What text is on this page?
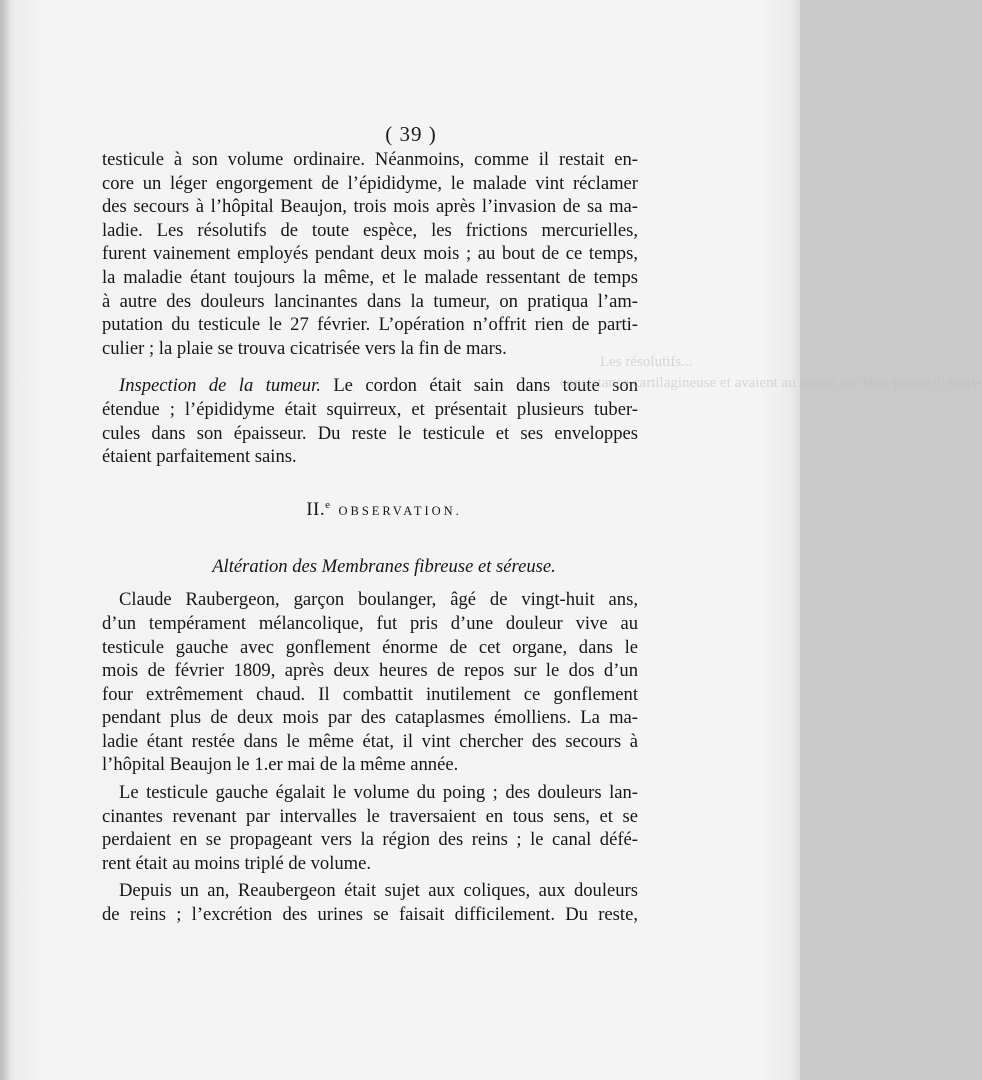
( 39 )

testicule à son volume ordinaire. Néanmoins, comme il restait en-
core un léger engorgement de l’épididyme, le malade vint réclamer
des secours à l’hôpital Beaujon, trois mois après l’invasion de sa ma-
ladie. Les résolutifs de toute espèce, les frictions mercurielles,
furent vainement employés pendant deux mois ; au bout de ce temps,
la maladie étant toujours la même, et le malade ressentant de temps
à autre des douleurs lancinantes dans la tumeur, on pratiqua l’am-
putation du testicule le 27 février. L’opération n’offrit rien de parti-
culier ; la plaie se trouva cicatrisée vers la fin de mars.

Inspection de la tumeur. Le cordon était sain dans toute son
étendue ; l’épididyme était squirreux, et présentait plusieurs tuber-
cules dans son épaisseur. Du reste le testicule et ses enveloppes
étaient parfaitement sains.

II.$^e$ OBSERVATION.

Altération des Membranes fibreuse et séreuse.

Claude Raubergeon, garçon boulanger, âgé de vingt-huit ans,
d’un tempérament mélancolique, fut pris d’une douleur vive au
testicule gauche avec gonflement énorme de cet organe, dans le
mois de février 1809, après deux heures de repos sur le dos d’un
four extrêmement chaud. Il combattit inutilement ce gonflement
pendant plus de deux mois par des cataplasmes émolliens. La ma-
ladie étant restée dans le même état, il vint chercher des secours à
l’hôpital Beaujon le 1.er mai de la même année.

Le testicule gauche égalait le volume du poing ; des douleurs lan-
cinantes revenant par intervalles le traversaient en tous sens, et se
perdaient en se propageant vers la région des reins ; le canal défé-
rent était au moins triplé de volume.

Depuis un an, Reaubergeon était sujet aux coliques, aux douleurs
de reins ; l’excrétion des urines se faisait difficilement. Du reste,

Les résolutifs...
consistance cartilagineuse et avaient au moins un demi-pouce d’épais-
